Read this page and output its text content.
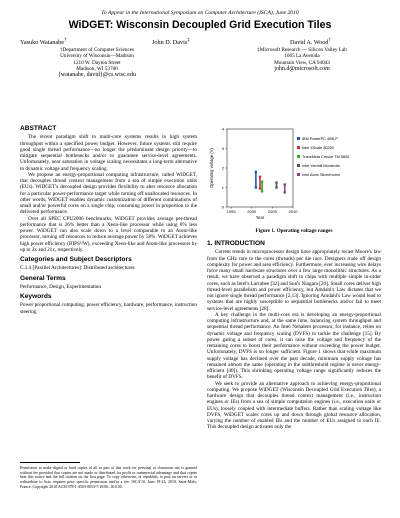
To Appear in the International Symposium on Computer Architecture (ISCA), June 2010
WiDGET: Wisconsin Decoupled Grid Execution Tiles
Yasuko Watanabe†	John D. Davis‡	David A. Wood†
†Department of Computer Sciences
University of Wisconsin—Madison
1210 W. Dayton Street
Madison, WI 53706
{watanabe, david}@cs.wisc.edu
‡Microsoft Research — Silicon Valley Lab
1065 La Avenida
Mountain View, CA 94043
john.d@microsoft.com
ABSTRACT

The recent paradigm shift to multi-core systems results in high system throughput within a specified power budget. However, future systems still require good single thread performance—no longer the predominant design priority—to mitigate sequential bottlenecks and/or to guarantee service-level agreements. Unfortunately, near saturation in voltage scaling necessitates a long-term alternative to dynamic voltage and frequency scaling.

We propose an energy-proportional computing infrastructure, called WiDGET, that decouples thread context management from a sea of simple execution units (EUs). WiDGET's decoupled design provides flexibility to alter resource allocation for a particular power-performance target while turning off unallocated resources. In other words, WiDGET enables dynamic customization of different combinations of small and/or powerful cores on a single chip, consuming power in proportion to the delivered performance.

Over all SPEC CPU2006 benchmarks, WiDGET provides average per-thread performance that is 26% better than a Xeon-like processor while using 8% less power. WiDGET can also scale down to a level comparable to an Atom-like processor, turning off resources to reduce average power by 58%. WiDGET achieves high power efficiency (BIPS³/W), exceeding Xeon-like and Atom-like processors by up to 2x and 21x, respectively.

Categories and Subject Descriptors

C.1.4 [Parallel Architectures]: Distributed architectures

General Terms

Performance, Design, Experimentation

Keywords

Power proportional computing, power efficiency, hardware, performance, instruction steering

Permission to make digital or hard copies of all or part of this work for personal or classroom use is granted without fee provided that copies are not made or distributed for profit or commercial advantage and that copies bear this notice and the full citation on the first page. To copy otherwise, or republish, to post on servers or to redistribute to lists, requires prior specific permission and/or a fee. ISCA'10, June 19-23, 2010, Saint-Malo, France. Copyright 2010 ACM 978-1-4503-0053-7/10/06...$10.00.
0
1
2
3
4
1995	2000	2005	2010
Year
Operating voltage (V)
IBM PowerPC 405LP
Intel XScale 80200
TransMeta Crusoe TM 5800
Intel Yamhill Montecito
Intel Atom Silverthorne
Figure 1. Operating voltage ranges
1. INTRODUCTION

Current trends in microprocessor design have appropriately recast Moore's law from the GHz race to the cores (threads) per die race. Designers trade off design complexity for power and area efficiency. Furthermore, ever increasing wire delays force many small hardware structures over a few large monolithic structures. As a result, we have observed a paradigm shift to chips with multiple simple in-order cores, such as Intel's Larrabee [32] and Sun's Niagara [20]. Small cores deliver high thread-level parallelism and power efficiency, but Amdahl's Law dictates that we not ignore single thread performance [2,13]. Ignoring Amdahl's Law would lead to systems that are highly susceptible to sequential bottlenecks and/or fail to meet service-level agreements [28].

A key challenge in the multi-core era is developing an energy-proportional computing infrastructure and, at the same time, balancing system throughput and sequential thread performance. An Intel Nehalem processor, for instance, relies on dynamic voltage and frequency scaling (DVFS) to tackle the challenge [15]. By power gating a subset of cores, it can raise the voltage and frequency of the remaining cores to boost their performance without exceeding the power budget. Unfortunately, DVFS is no longer sufficient. Figure 1 shows that while maximum supply voltage has declined over the past decade, minimum supply voltage has remained almost the same (operating in the subthreshold regime is never energy-efficient [40]). This shrinking operating voltage range significantly reduces the benefit of DVFS.

We seek to provide an alternative approach to achieving energy-proportional computing. We propose WiDGET (Wisconsin Decoupled Grid Execution Tiles), a hardware design that decouples thread context management (i.e., instruction engines or IEs) from a sea of simple computation engines (i.e., execution units or EUs), loosely coupled with intermediate buffers. Rather than scaling voltage like DVFS, WiDGET scales cores up and down through global resource allocation, varying the number of enabled IEs and the number of EUs assigned to each IE. This decoupled design activates only the
